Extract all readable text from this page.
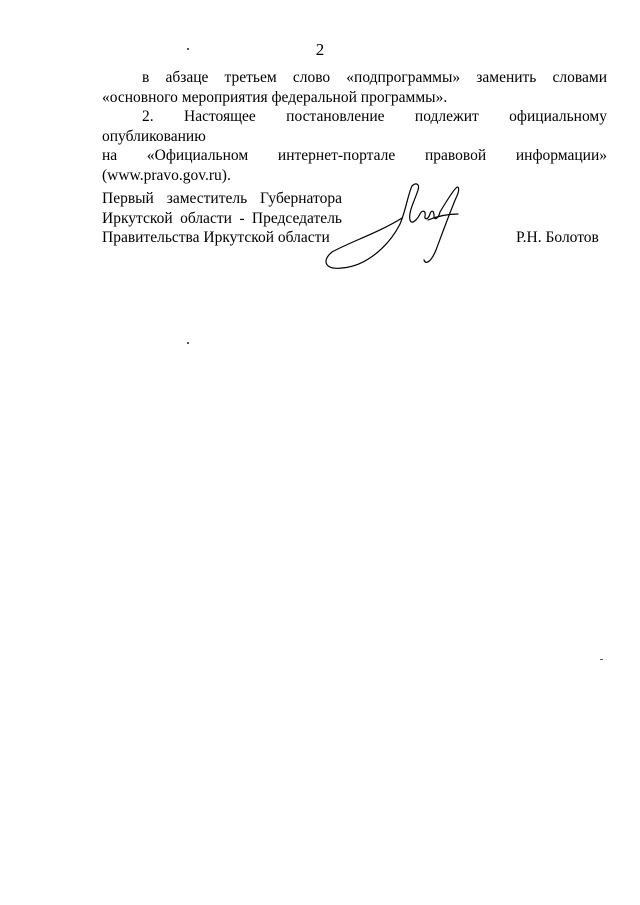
2
в абзаце третьем слово «подпрограммы» заменить словами «основного мероприятия федеральной программы».
2. Настоящее постановление подлежит официальному опубликованию
на «Официальном интернет-портале правовой информации»
(www.pravo.gov.ru).
Первый заместитель Губернатора
Иркутской области - Председатель
Правительства Иркутской области	Р.Н. Болотов
